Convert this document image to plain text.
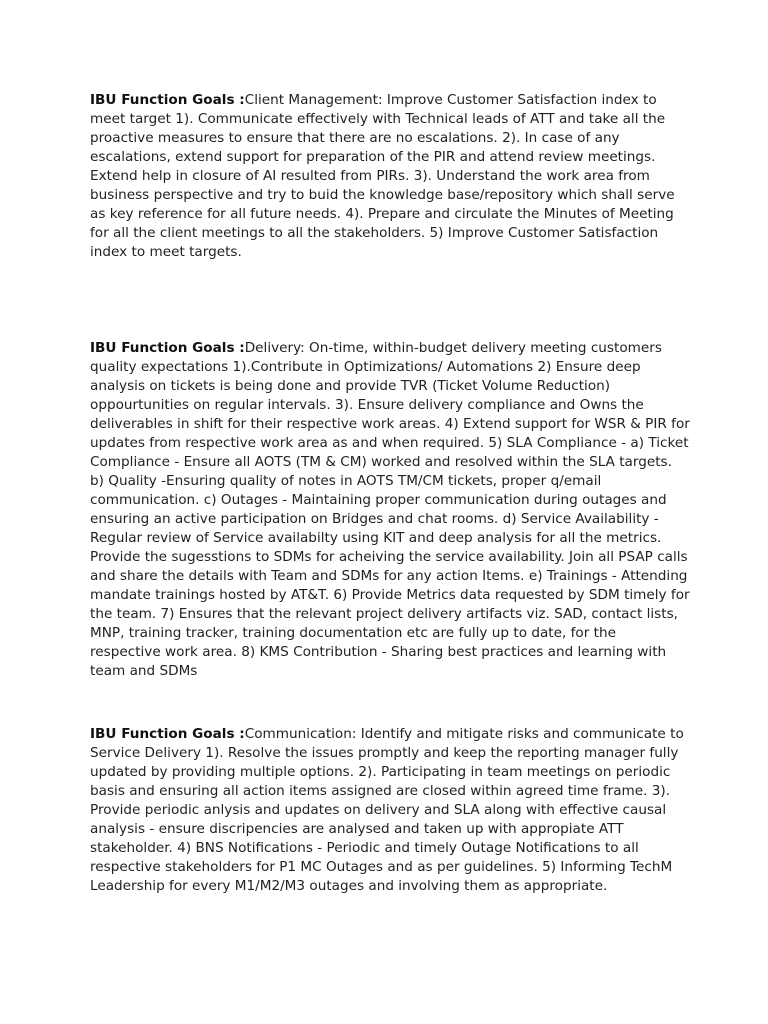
IBU Function Goals :Client Management: Improve Customer Satisfaction index to meet target 1). Communicate effectively with Technical leads of ATT and take all the proactive measures to ensure that there are no escalations. 2). In case of any escalations, extend support for preparation of the PIR and attend review meetings. Extend help in closure of AI resulted from PIRs. 3). Understand the work area from business perspective and try to buid the knowledge base/repository which shall serve as key reference for all future needs. 4). Prepare and circulate the Minutes of Meeting for all the client meetings to all the stakeholders. 5) Improve Customer Satisfaction index to meet targets.

IBU Function Goals :Delivery: On-time, within-budget delivery meeting customers quality expectations 1).Contribute in Optimizations/ Automations 2) Ensure deep analysis on tickets is being done and provide TVR (Ticket Volume Reduction) oppourtunities on regular intervals. 3). Ensure delivery compliance and Owns the deliverables in shift for their respective work areas. 4) Extend support for WSR & PIR for updates from respective work area as and when required. 5) SLA Compliance - a) Ticket Compliance - Ensure all AOTS (TM & CM) worked and resolved within the SLA targets. b) Quality -Ensuring quality of notes in AOTS TM/CM tickets, proper q/email communication. c) Outages - Maintaining proper communication during outages and ensuring an active participation on Bridges and chat rooms. d) Service Availability - Regular review of Service availabilty using KIT and deep analysis for all the metrics. Provide the sugesstions to SDMs for acheiving the service availability. Join all PSAP calls and share the details with Team and SDMs for any action Items. e) Trainings - Attending mandate trainings hosted by AT&T. 6) Provide Metrics data requested by SDM timely for the team. 7) Ensures that the relevant project delivery artifacts viz. SAD, contact lists, MNP, training tracker, training documentation etc are fully up to date, for the respective work area. 8) KMS Contribution - Sharing best practices and learning with team and SDMs

IBU Function Goals :Communication: Identify and mitigate risks and communicate to Service Delivery 1). Resolve the issues promptly and keep the reporting manager fully updated by providing multiple options. 2). Participating in team meetings on periodic basis and ensuring all action items assigned are closed within agreed time frame. 3). Provide periodic anlysis and updates on delivery and SLA along with effective causal analysis - ensure discripencies are analysed and taken up with appropiate ATT stakeholder. 4) BNS Notifications - Periodic and timely Outage Notifications to all respective stakeholders for P1 MC Outages and as per guidelines. 5) Informing TechM Leadership for every M1/M2/M3 outages and involving them as appropriate.
